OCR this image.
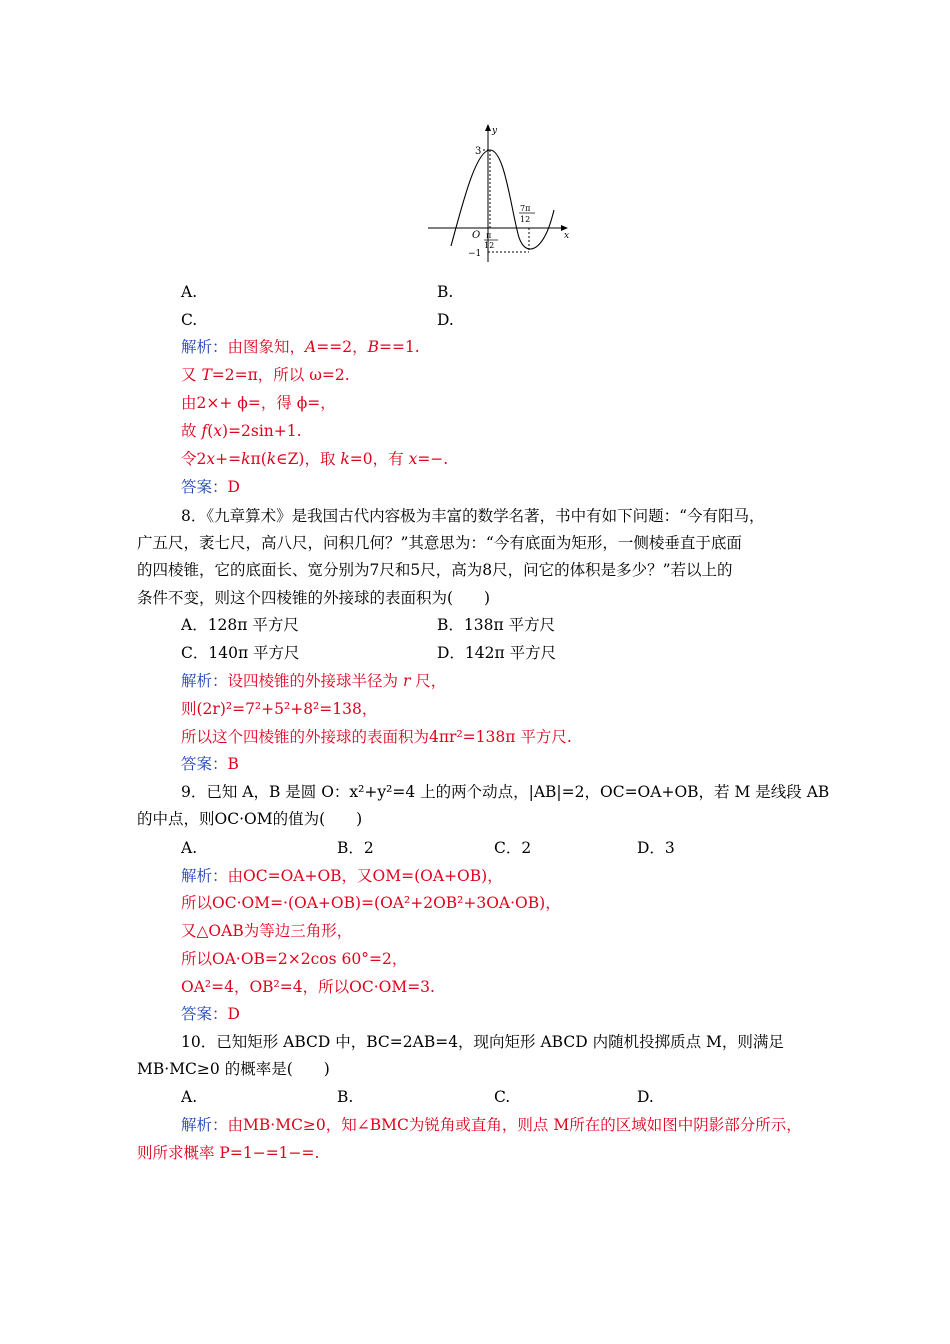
y
x
3
O
−1
π
12
7π
12
A.	B.
C.	D.
解析：由图象知，A==2，B==1.
又 T=2=π，所以 ω=2.
由2×+ ϕ=，得 ϕ=，
故 f(x)=2sin+1.
令2x+=kπ(k∈Z)，取 k=0，有 x=−.
答案：D
8．《九章算术》是我国古代内容极为丰富的数学名著，书中有如下问题：“今有阳马，
广五尺，袤七尺，高八尺，问积几何？”其意思为：“今有底面为矩形，一侧棱垂直于底面
的四棱锥，它的底面长、宽分别为7尺和5尺，高为8尺，问它的体积是多少？”若以上的
条件不变，则这个四棱锥的外接球的表面积为(　　)
A．128π 平方尺	B．138π 平方尺
C．140π 平方尺	D．142π 平方尺
解析：设四棱锥的外接球半径为 r 尺，
则(2r)²=7²+5²+8²=138，
所以这个四棱锥的外接球的表面积为4πr²=138π 平方尺.
答案：B
9．已知 A，B 是圆 O：x²+y²=4 上的两个动点，|AB|=2，OC=OA+OB，若 M 是线段 AB
的中点，则OC·OM的值为(　　)
A.	B．2	C．2	D．3
解析：由OC=OA+OB，又OM=(OA+OB)，
所以OC·OM=·(OA+OB)=(OA²+2OB²+3OA·OB)，
又△OAB为等边三角形，
所以OA·OB=2×2cos 60°=2，
OA²=4，OB²=4，所以OC·OM=3.
答案：D
10．已知矩形 ABCD 中，BC=2AB=4，现向矩形 ABCD 内随机投掷质点 M，则满足
MB·MC≥0 的概率是(　　)
A.	B.	C.	D.
解析：由MB·MC≥0，知∠BMC为锐角或直角，则点 M所在的区域如图中阴影部分所示，
则所求概率 P=1−=1−=.
